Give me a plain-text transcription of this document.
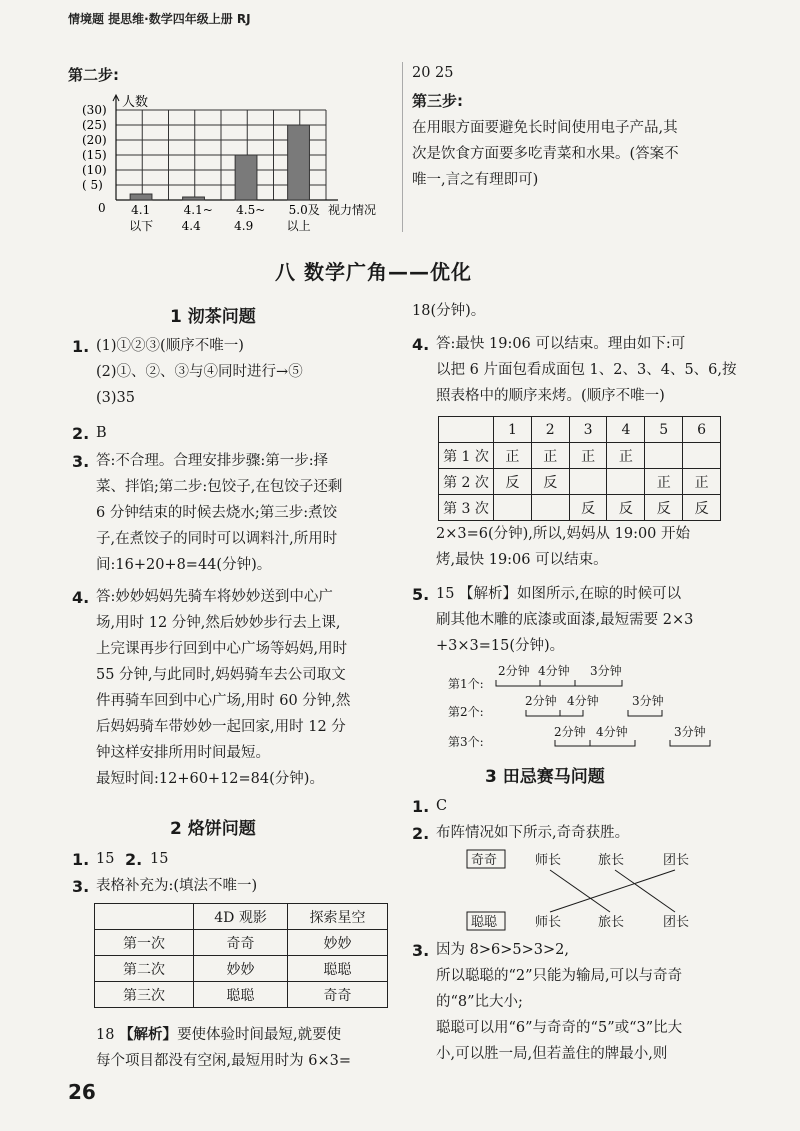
情境题 提思维·数学四年级上册 RJ
第二步:
人数
(30)
(25)
(20)
(15)
(10)
( 5)
0 4.1
以下
4.1~
4.4
4.5~
4.9
5.0及
以上
视力情况
20 25
第三步:
在用眼方面要避免长时间使用电子产品,其
次是饮食方面要多吃青菜和水果。(答案不
唯一,言之有理即可)
八 数学广角——优化
1 沏茶问题
1. (1)①②③(顺序不唯一)
(2)①、②、③与④同时进行→⑤
(3)35
2. B
3. 答:不合理。合理安排步骤:第一步:择
菜、拌馅;第二步:包饺子,在包饺子还剩
6 分钟结束的时候去烧水;第三步:煮饺
子,在煮饺子的同时可以调料汁,所用时
间:16+20+8=44(分钟)。
4. 答:妙妙妈妈先骑车将妙妙送到中心广
场,用时 12 分钟,然后妙妙步行去上课,
上完课再步行回到中心广场等妈妈,用时
55 分钟,与此同时,妈妈骑车去公司取文
件再骑车回到中心广场,用时 60 分钟,然
后妈妈骑车带妙妙一起回家,用时 12 分
钟这样安排所用时间最短。
最短时间:12+60+12=84(分钟)。
2 烙饼问题
1. 15 2. 15
3. 表格补充为:(填法不唯一)
	4D 观影	探索星空
第一次	奇奇	妙妙
第二次	妙妙	聪聪
第三次	聪聪	奇奇
18 【解析】要使体验时间最短,就要使
每个项目都没有空闲,最短用时为 6×3=
18(分钟)。
4. 答:最快 19:06 可以结束。理由如下:可
以把 6 片面包看成面包 1、2、3、4、5、6,按
照表格中的顺序来烤。(顺序不唯一)
	1	2	3	4	5	6
第 1 次	正	正	正	正		
第 2 次	反	反			正	正
第 3 次			反	反	反	反
2×3=6(分钟),所以,妈妈从 19:00 开始
烤,最快 19:06 可以结束。
5. 15 【解析】如图所示,在晾的时候可以
刷其他木雕的底漆或面漆,最短需要 2×3
+3×3=15(分钟)。
第1个:
第2个:
第3个:
2分钟 4分钟 3分钟
2分钟 4分钟	3分钟
2分钟 4分钟	3分钟
3 田忌赛马问题
1. C
2. 布阵情况如下所示,奇奇获胜。
奇奇	师长	旅长	团长
聪聪	师长	旅长	团长
3. 因为 8>6>5>3>2,
所以聪聪的“2”只能为输局,可以与奇奇
的“8”比大小;
聪聪可以用“6”与奇奇的“5”或“3”比大
小,可以胜一局,但若盖住的牌最小,则
26
